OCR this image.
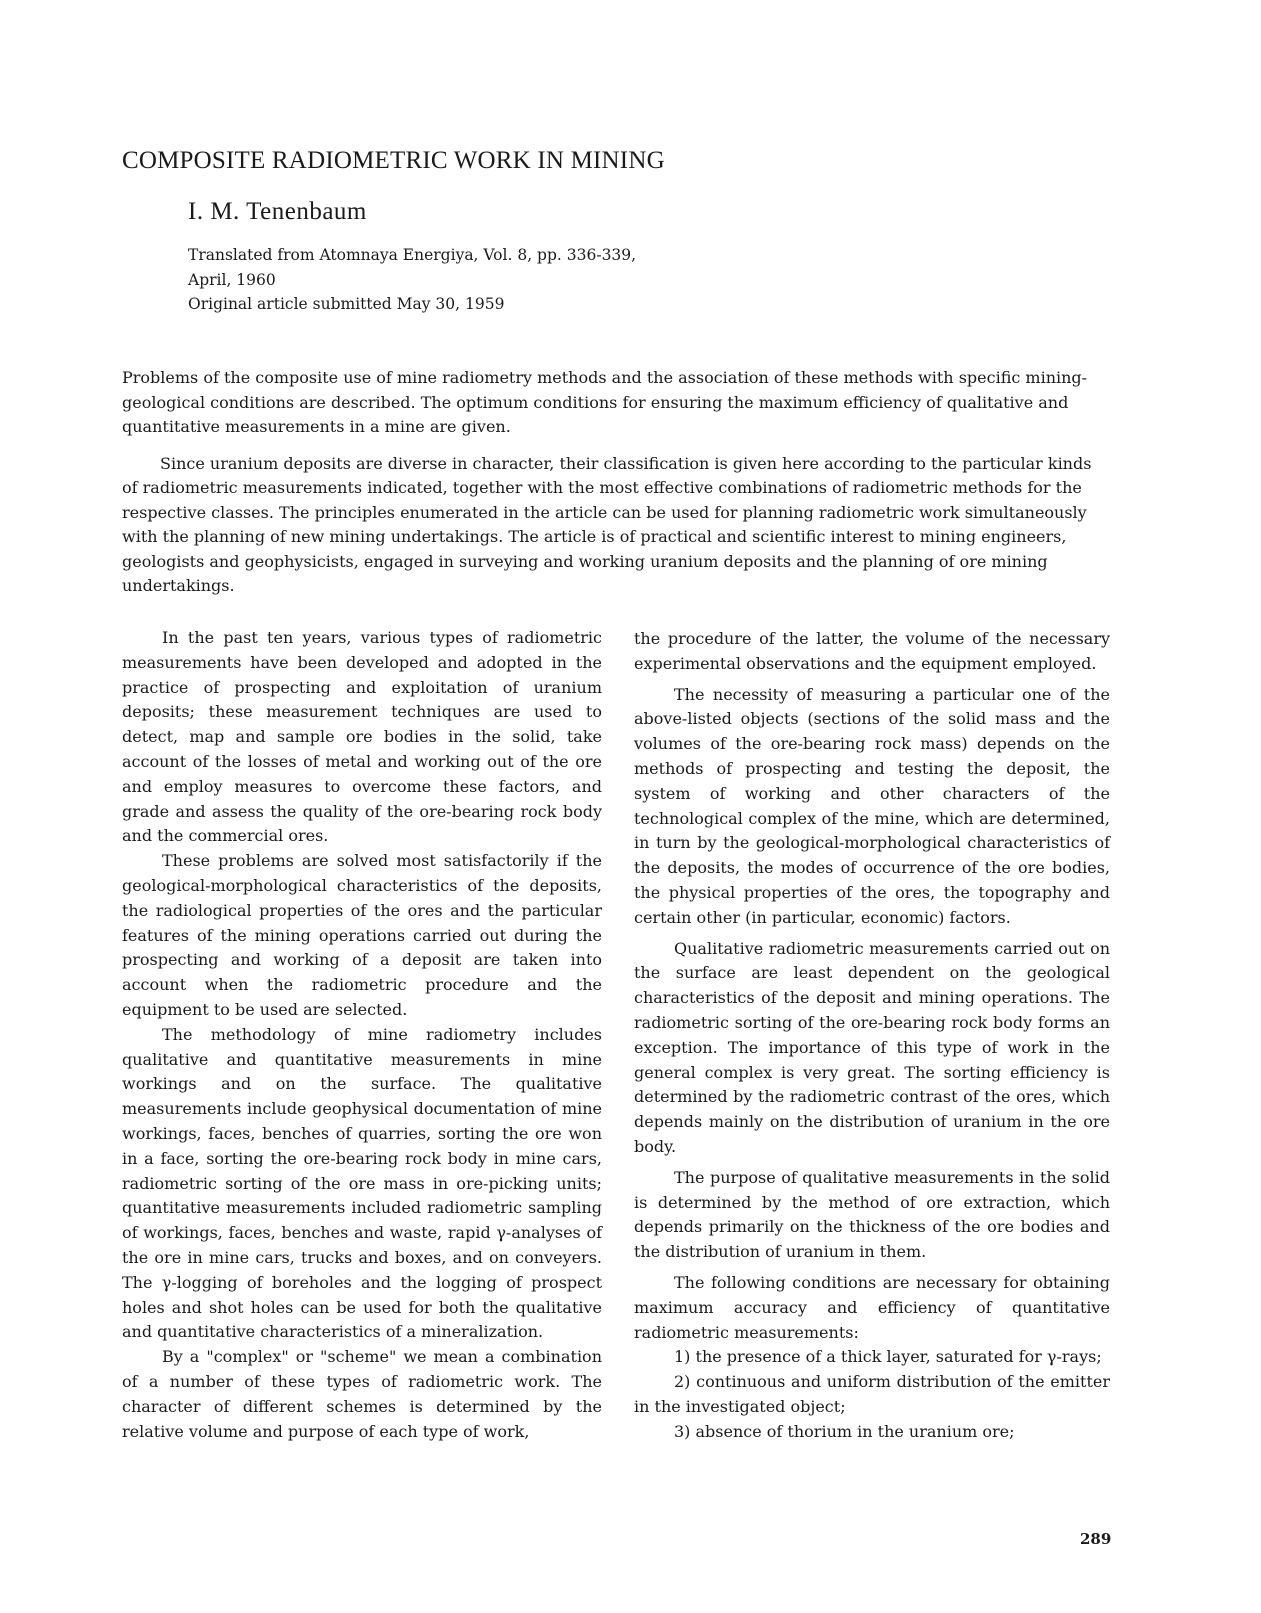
COMPOSITE RADIOMETRIC WORK IN MINING
I. M. Tenenbaum
Translated from Atomnaya Energiya, Vol. 8, pp. 336-339,
April, 1960
Original article submitted May 30, 1959

Problems of the composite use of mine radiometry methods and the association of these methods with specific mining-geological conditions are described. The optimum conditions for ensuring the maximum efficiency of qualitative and quantitative measurements in a mine are given.

Since uranium deposits are diverse in character, their classification is given here according to the particular kinds of radiometric measurements indicated, together with the most effective combinations of radiometric methods for the respective classes. The principles enumerated in the article can be used for planning radiometric work simultaneously with the planning of new mining undertakings. The article is of practical and scientific interest to mining engineers, geologists and geophysicists, engaged in surveying and working uranium deposits and the planning of ore mining undertakings.

In the past ten years, various types of radiometric measurements have been developed and adopted in the practice of prospecting and exploitation of uranium deposits; these measurement techniques are used to detect, map and sample ore bodies in the solid, take account of the losses of metal and working out of the ore and employ measures to overcome these factors, and grade and assess the quality of the ore-bearing rock body and the commercial ores.

These problems are solved most satisfactorily if the geological-morphological characteristics of the deposits, the radiological properties of the ores and the particular features of the mining operations carried out during the prospecting and working of a deposit are taken into account when the radiometric procedure and the equipment to be used are selected.

The methodology of mine radiometry includes qualitative and quantitative measurements in mine workings and on the surface. The qualitative measurements include geophysical documentation of mine workings, faces, benches of quarries, sorting the ore won in a face, sorting the ore-bearing rock body in mine cars, radiometric sorting of the ore mass in ore-picking units; quantitative measurements included radiometric sampling of workings, faces, benches and waste, rapid γ-analyses of the ore in mine cars, trucks and boxes, and on conveyers. The γ-logging of boreholes and the logging of prospect holes and shot holes can be used for both the qualitative and quantitative characteristics of a mineralization.

By a "complex" or "scheme" we mean a combination of a number of these types of radiometric work. The character of different schemes is determined by the relative volume and purpose of each type of work,

the procedure of the latter, the volume of the necessary experimental observations and the equipment employed.

The necessity of measuring a particular one of the above-listed objects (sections of the solid mass and the volumes of the ore-bearing rock mass) depends on the methods of prospecting and testing the deposit, the system of working and other characters of the technological complex of the mine, which are determined, in turn by the geological-morphological characteristics of the deposits, the modes of occurrence of the ore bodies, the physical properties of the ores, the topography and certain other (in particular, economic) factors.

Qualitative radiometric measurements carried out on the surface are least dependent on the geological characteristics of the deposit and mining operations. The radiometric sorting of the ore-bearing rock body forms an exception. The importance of this type of work in the general complex is very great. The sorting efficiency is determined by the radiometric contrast of the ores, which depends mainly on the distribution of uranium in the ore body.

The purpose of qualitative measurements in the solid is determined by the method of ore extraction, which depends primarily on the thickness of the ore bodies and the distribution of uranium in them.

The following conditions are necessary for obtaining maximum accuracy and efficiency of quantitative radiometric measurements:

1) the presence of a thick layer, saturated for γ-rays;

2) continuous and uniform distribution of the emitter in the investigated object;

3) absence of thorium in the uranium ore;

289
